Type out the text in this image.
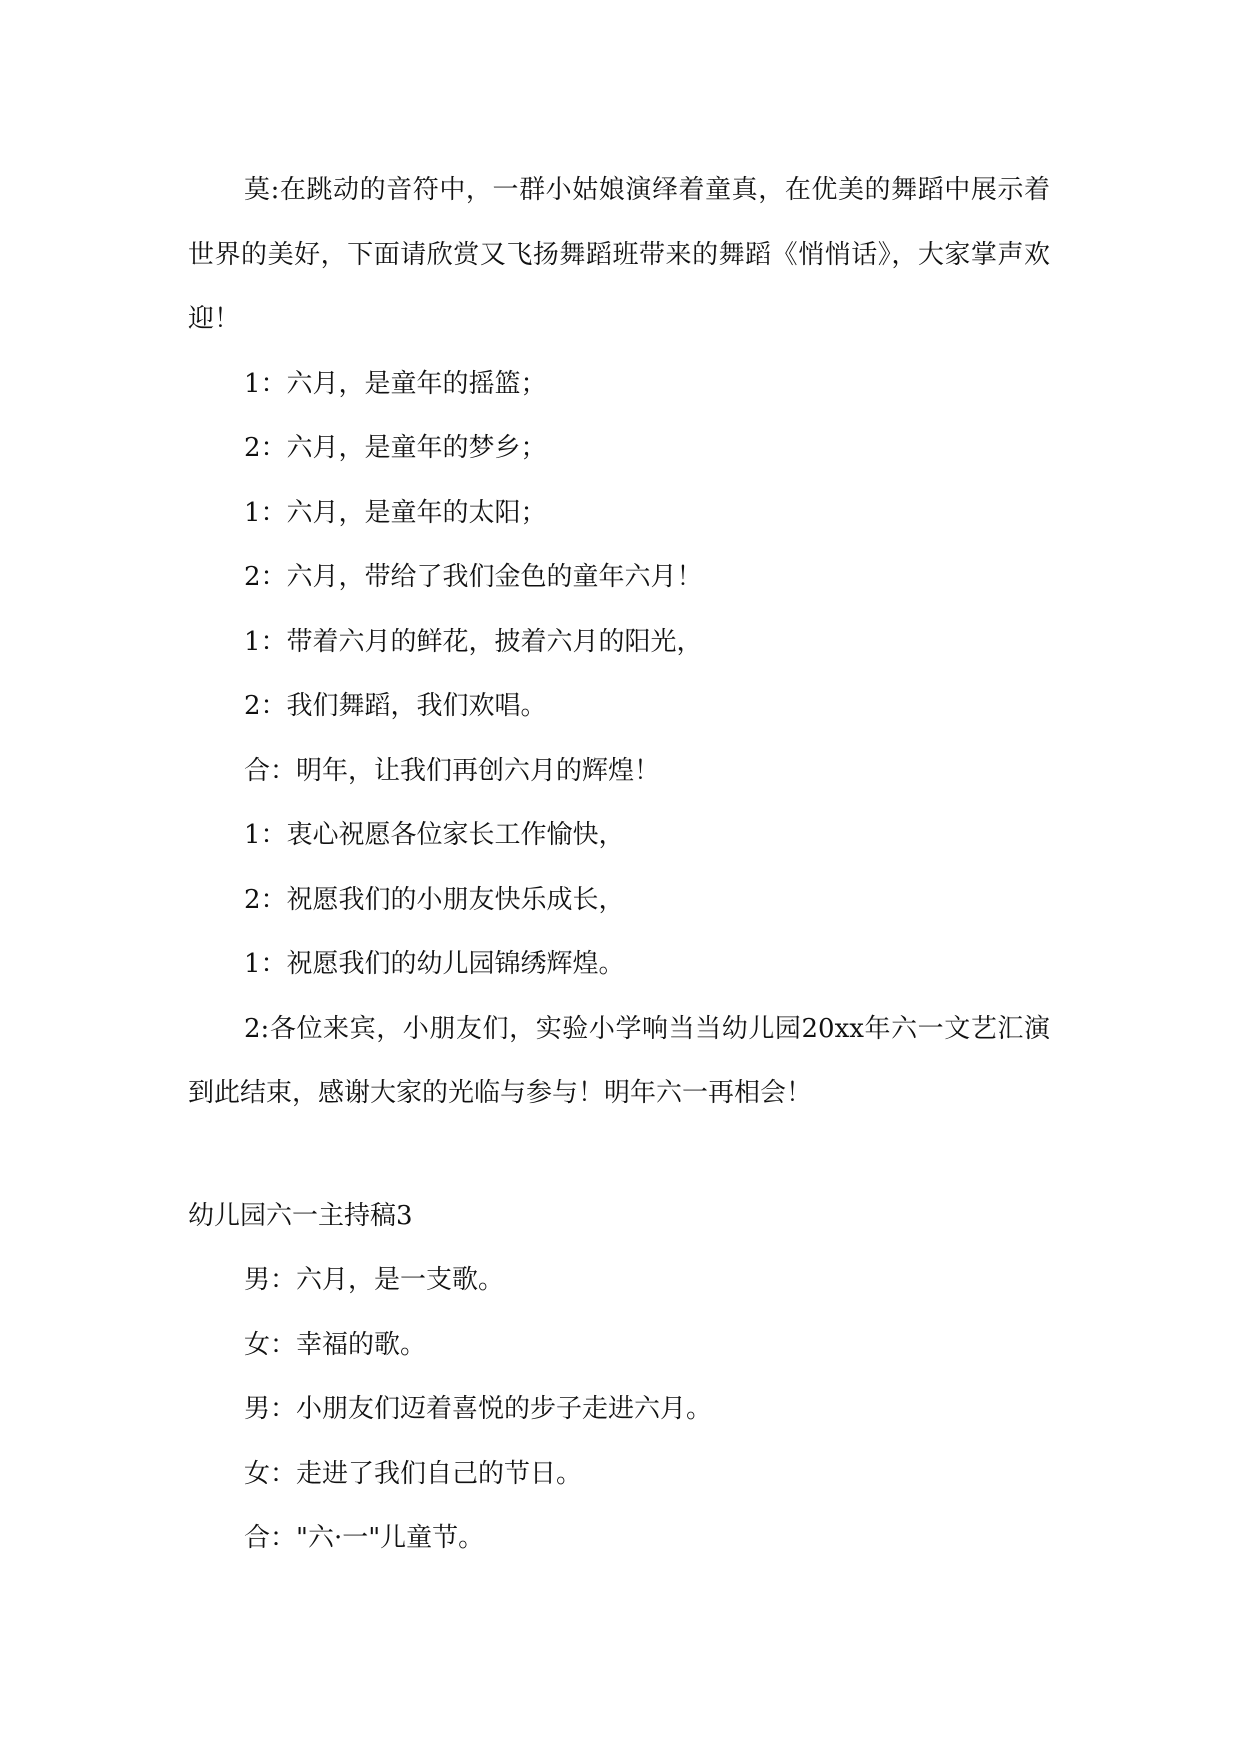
莫:在跳动的音符中，一群小姑娘演绎着童真，在优美的舞蹈中展示着世界的美好，下面请欣赏又飞扬舞蹈班带来的舞蹈《悄悄话》，大家掌声欢迎！

1：六月，是童年的摇篮；

2：六月，是童年的梦乡；

1：六月，是童年的太阳；

2：六月，带给了我们金色的童年六月！

1：带着六月的鲜花，披着六月的阳光，

2：我们舞蹈，我们欢唱。

合：明年，让我们再创六月的辉煌！

1：衷心祝愿各位家长工作愉快，

2：祝愿我们的小朋友快乐成长，

1：祝愿我们的幼儿园锦绣辉煌。

2:各位来宾，小朋友们，实验小学响当当幼儿园20xx年六一文艺汇演到此结束，感谢大家的光临与参与！明年六一再相会！

幼儿园六一主持稿3

男：六月，是一支歌。

女：幸福的歌。

男：小朋友们迈着喜悦的步子走进六月。

女：走进了我们自己的节日。

合："六·一"儿童节。
